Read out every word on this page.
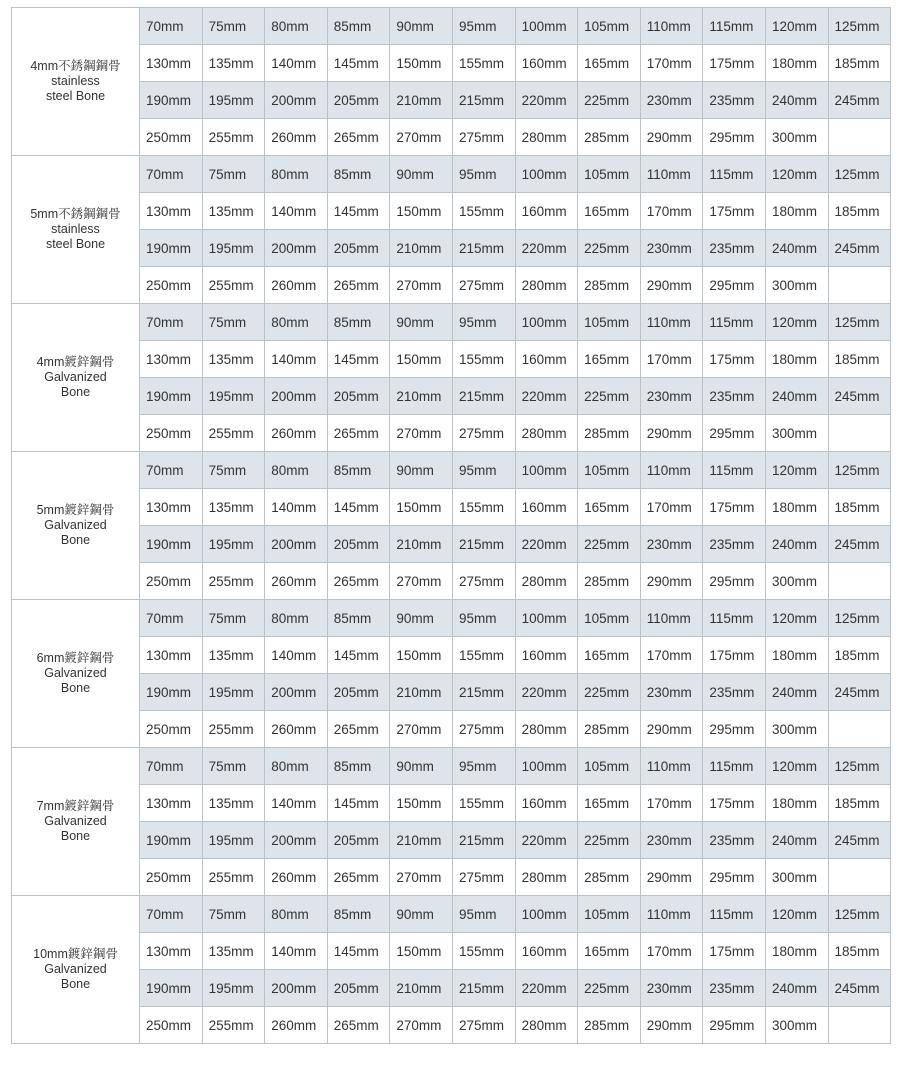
4mm不銹鋼鋼骨
stainless
steel Bone	70mm	75mm	80mm	85mm	90mm	95mm	100mm	105mm	110mm	115mm	120mm	125mm
	130mm	135mm	140mm	145mm	150mm	155mm	160mm	165mm	170mm	175mm	180mm	185mm
	190mm	195mm	200mm	205mm	210mm	215mm	220mm	225mm	230mm	235mm	240mm	245mm
	250mm	255mm	260mm	265mm	270mm	275mm	280mm	285mm	290mm	295mm	300mm	

5mm不銹鋼鋼骨
stainless
steel Bone	70mm	75mm	80mm	85mm	90mm	95mm	100mm	105mm	110mm	115mm	120mm	125mm
	130mm	135mm	140mm	145mm	150mm	155mm	160mm	165mm	170mm	175mm	180mm	185mm
	190mm	195mm	200mm	205mm	210mm	215mm	220mm	225mm	230mm	235mm	240mm	245mm
	250mm	255mm	260mm	265mm	270mm	275mm	280mm	285mm	290mm	295mm	300mm	

4mm鍍鋅鋼骨
Galvanized
Bone	70mm	75mm	80mm	85mm	90mm	95mm	100mm	105mm	110mm	115mm	120mm	125mm
	130mm	135mm	140mm	145mm	150mm	155mm	160mm	165mm	170mm	175mm	180mm	185mm
	190mm	195mm	200mm	205mm	210mm	215mm	220mm	225mm	230mm	235mm	240mm	245mm
	250mm	255mm	260mm	265mm	270mm	275mm	280mm	285mm	290mm	295mm	300mm	

5mm鍍鋅鋼骨
Galvanized
Bone	70mm	75mm	80mm	85mm	90mm	95mm	100mm	105mm	110mm	115mm	120mm	125mm
	130mm	135mm	140mm	145mm	150mm	155mm	160mm	165mm	170mm	175mm	180mm	185mm
	190mm	195mm	200mm	205mm	210mm	215mm	220mm	225mm	230mm	235mm	240mm	245mm
	250mm	255mm	260mm	265mm	270mm	275mm	280mm	285mm	290mm	295mm	300mm	

6mm鍍鋅鋼骨
Galvanized
Bone	70mm	75mm	80mm	85mm	90mm	95mm	100mm	105mm	110mm	115mm	120mm	125mm
	130mm	135mm	140mm	145mm	150mm	155mm	160mm	165mm	170mm	175mm	180mm	185mm
	190mm	195mm	200mm	205mm	210mm	215mm	220mm	225mm	230mm	235mm	240mm	245mm
	250mm	255mm	260mm	265mm	270mm	275mm	280mm	285mm	290mm	295mm	300mm	

7mm鍍鋅鋼骨
Galvanized
Bone	70mm	75mm	80mm	85mm	90mm	95mm	100mm	105mm	110mm	115mm	120mm	125mm
	130mm	135mm	140mm	145mm	150mm	155mm	160mm	165mm	170mm	175mm	180mm	185mm
	190mm	195mm	200mm	205mm	210mm	215mm	220mm	225mm	230mm	235mm	240mm	245mm
	250mm	255mm	260mm	265mm	270mm	275mm	280mm	285mm	290mm	295mm	300mm	

10mm鍍鋅鋼骨
Galvanized
Bone	70mm	75mm	80mm	85mm	90mm	95mm	100mm	105mm	110mm	115mm	120mm	125mm
	130mm	135mm	140mm	145mm	150mm	155mm	160mm	165mm	170mm	175mm	180mm	185mm
	190mm	195mm	200mm	205mm	210mm	215mm	220mm	225mm	230mm	235mm	240mm	245mm
	250mm	255mm	260mm	265mm	270mm	275mm	280mm	285mm	290mm	295mm	300mm	
